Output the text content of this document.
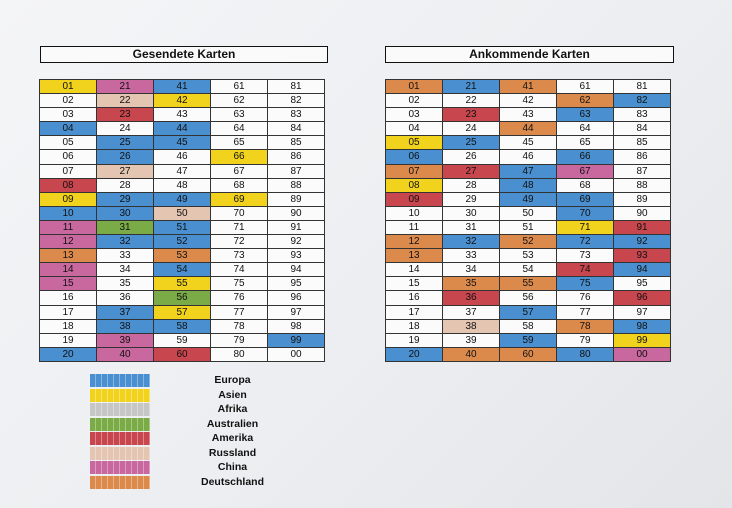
Gesendete Karten	Ankommende Karten
01	21	41	61	81
02	22	42	62	82
03	23	43	63	83
04	24	44	64	84
05	25	45	65	85
06	26	46	66	86
07	27	47	67	87
08	28	48	68	88
09	29	49	69	89
10	30	50	70	90
11	31	51	71	91
12	32	52	72	92
13	33	53	73	93
14	34	54	74	94
15	35	55	75	95
16	36	56	76	96
17	37	57	77	97
18	38	58	78	98
19	39	59	79	99
20	40	60	80	00
01	21	41	61	81
02	22	42	62	82
03	23	43	63	83
04	24	44	64	84
05	25	45	65	85
06	26	46	66	86
07	27	47	67	87
08	28	48	68	88
09	29	49	69	89
10	30	50	70	90
11	31	51	71	91
12	32	52	72	92
13	33	53	73	93
14	34	54	74	94
15	35	55	75	95
16	36	56	76	96
17	37	57	77	97
18	38	58	78	98
19	39	59	79	99
20	40	60	80	00
Europa
Asien
Afrika
Australien
Amerika
Russland
China
Deutschland
